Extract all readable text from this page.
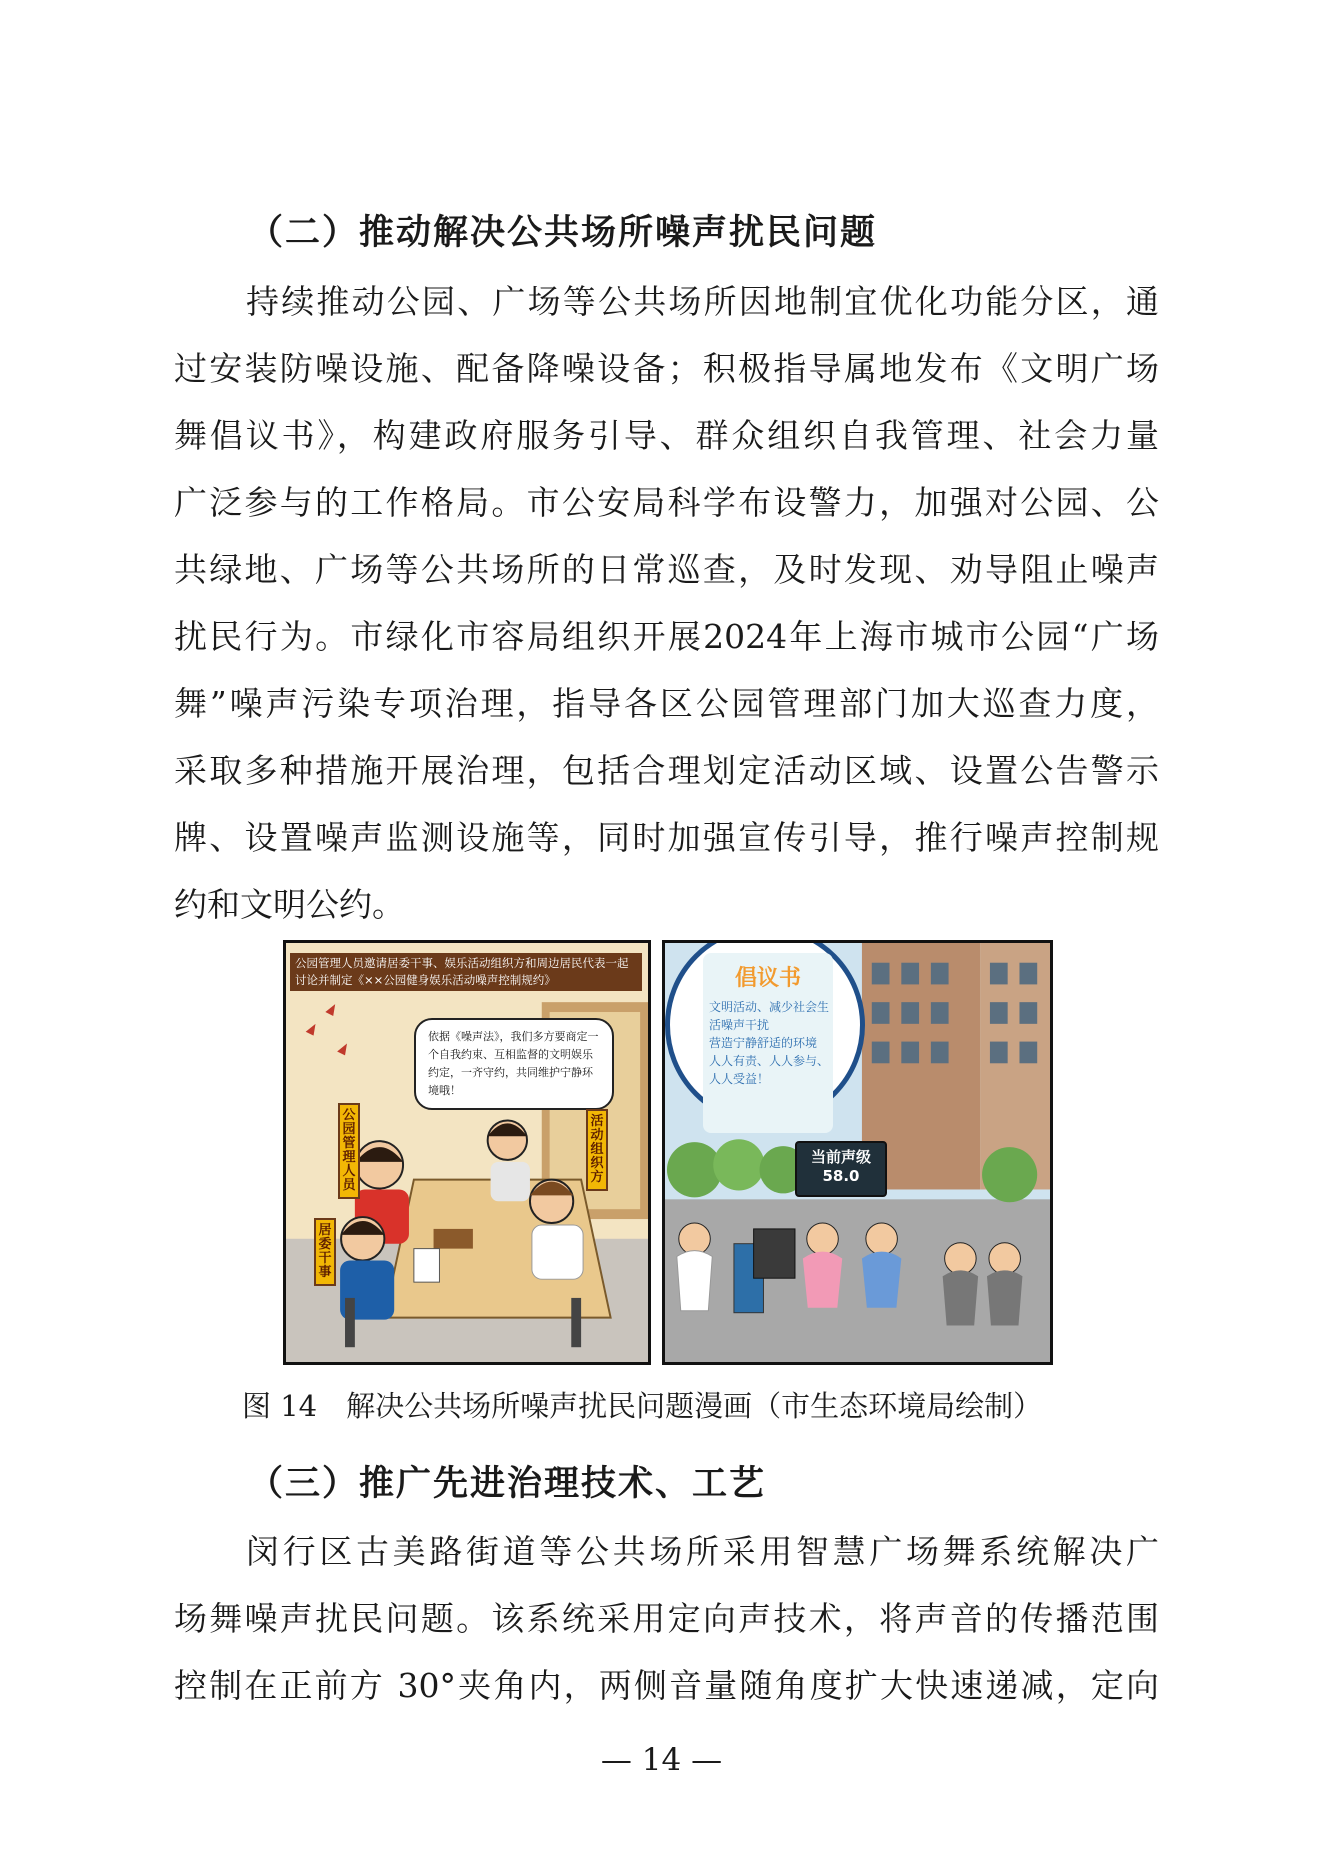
（二）推动解决公共场所噪声扰民问题
持续推动公园、广场等公共场所因地制宜优化功能分区，通
过安装防噪设施、配备降噪设备；积极指导属地发布《文明广场
舞倡议书》，构建政府服务引导、群众组织自我管理、社会力量
广泛参与的工作格局。市公安局科学布设警力，加强对公园、公
共绿地、广场等公共场所的日常巡查，及时发现、劝导阻止噪声
扰民行为。市绿化市容局组织开展2024年上海市城市公园“广场
舞”噪声污染专项治理，指导各区公园管理部门加大巡查力度，
采取多种措施开展治理，包括合理划定活动区域、设置公告警示
牌、设置噪声监测设施等，同时加强宣传引导，推行噪声控制规
约和文明公约。
公园管理人员邀请居委干事、娱乐活动组织方和周边居民代表一起讨论并制定《××公园健身娱乐活动噪声控制规约》
依据《噪声法》，我们多方要商定一个自我约束、互相监督的文明娱乐约定，一齐守约，共同维护宁静环境哦！
公园管理人员
活动组织方
居委干事
倡议书
文明活动、减少社会生
活噪声干扰
营造宁静舒适的环境
人人有责、人人参与、
人人受益！
当前声级
58.0
图 14　解决公共场所噪声扰民问题漫画（市生态环境局绘制）
（三）推广先进治理技术、工艺
闵行区古美路街道等公共场所采用智慧广场舞系统解决广
场舞噪声扰民问题。该系统采用定向声技术，将声音的传播范围
控制在正前方 30°夹角内，两侧音量随角度扩大快速递减，定向
— 14 —
